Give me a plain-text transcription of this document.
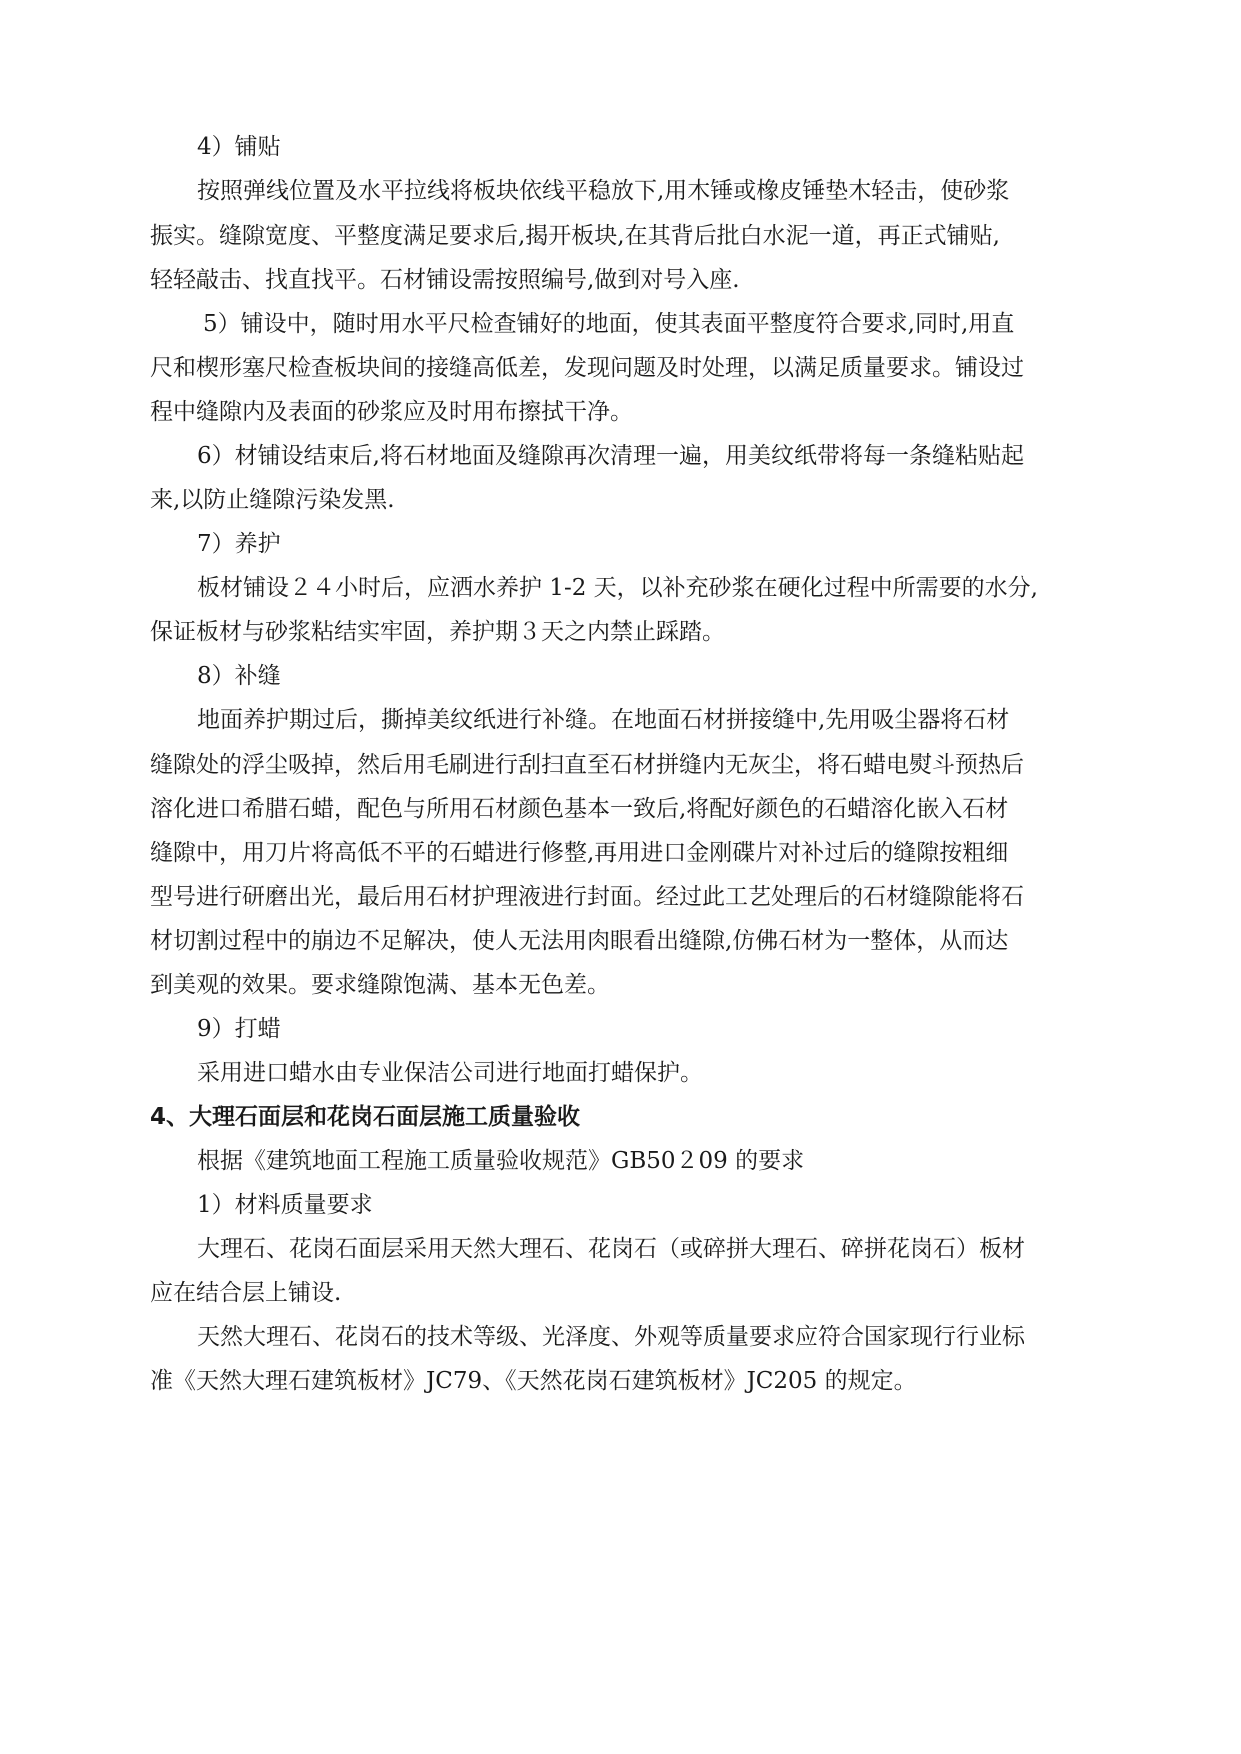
4）铺贴
按照弹线位置及水平拉线将板块依线平稳放下,用木锤或橡皮锤垫木轻击，使砂浆
振实。缝隙宽度、平整度满足要求后,揭开板块,在其背后批白水泥一道，再正式铺贴,
轻轻敲击、找直找平。石材铺设需按照编号,做到对号入座.
5）铺设中，随时用水平尺检查铺好的地面，使其表面平整度符合要求,同时,用直
尺和楔形塞尺检查板块间的接缝高低差，发现问题及时处理，以满足质量要求。铺设过
程中缝隙内及表面的砂浆应及时用布擦拭干净。
6）材铺设结束后,将石材地面及缝隙再次清理一遍，用美纹纸带将每一条缝粘贴起
来,以防止缝隙污染发黑.
7）养护
板材铺设２４小时后，应洒水养护 1-2 天，以补充砂浆在硬化过程中所需要的水分,
保证板材与砂浆粘结实牢固，养护期３天之内禁止踩踏。
8）补缝
地面养护期过后，撕掉美纹纸进行补缝。在地面石材拼接缝中,先用吸尘器将石材
缝隙处的浮尘吸掉，然后用毛刷进行刮扫直至石材拼缝内无灰尘，将石蜡电熨斗预热后
溶化进口希腊石蜡，配色与所用石材颜色基本一致后,将配好颜色的石蜡溶化嵌入石材
缝隙中，用刀片将高低不平的石蜡进行修整,再用进口金刚碟片对补过后的缝隙按粗细
型号进行研磨出光，最后用石材护理液进行封面。经过此工艺处理后的石材缝隙能将石
材切割过程中的崩边不足解决，使人无法用肉眼看出缝隙,仿佛石材为一整体，从而达
到美观的效果。要求缝隙饱满、基本无色差。
9）打蜡
采用进口蜡水由专业保洁公司进行地面打蜡保护。
4、大理石面层和花岗石面层施工质量验收
根据《建筑地面工程施工质量验收规范》GB50２09 的要求
1）材料质量要求
大理石、花岗石面层采用天然大理石、花岗石（或碎拼大理石、碎拼花岗石）板材
应在结合层上铺设.
天然大理石、花岗石的技术等级、光泽度、外观等质量要求应符合国家现行行业标
准《天然大理石建筑板材》JC79、《天然花岗石建筑板材》JC205 的规定。
